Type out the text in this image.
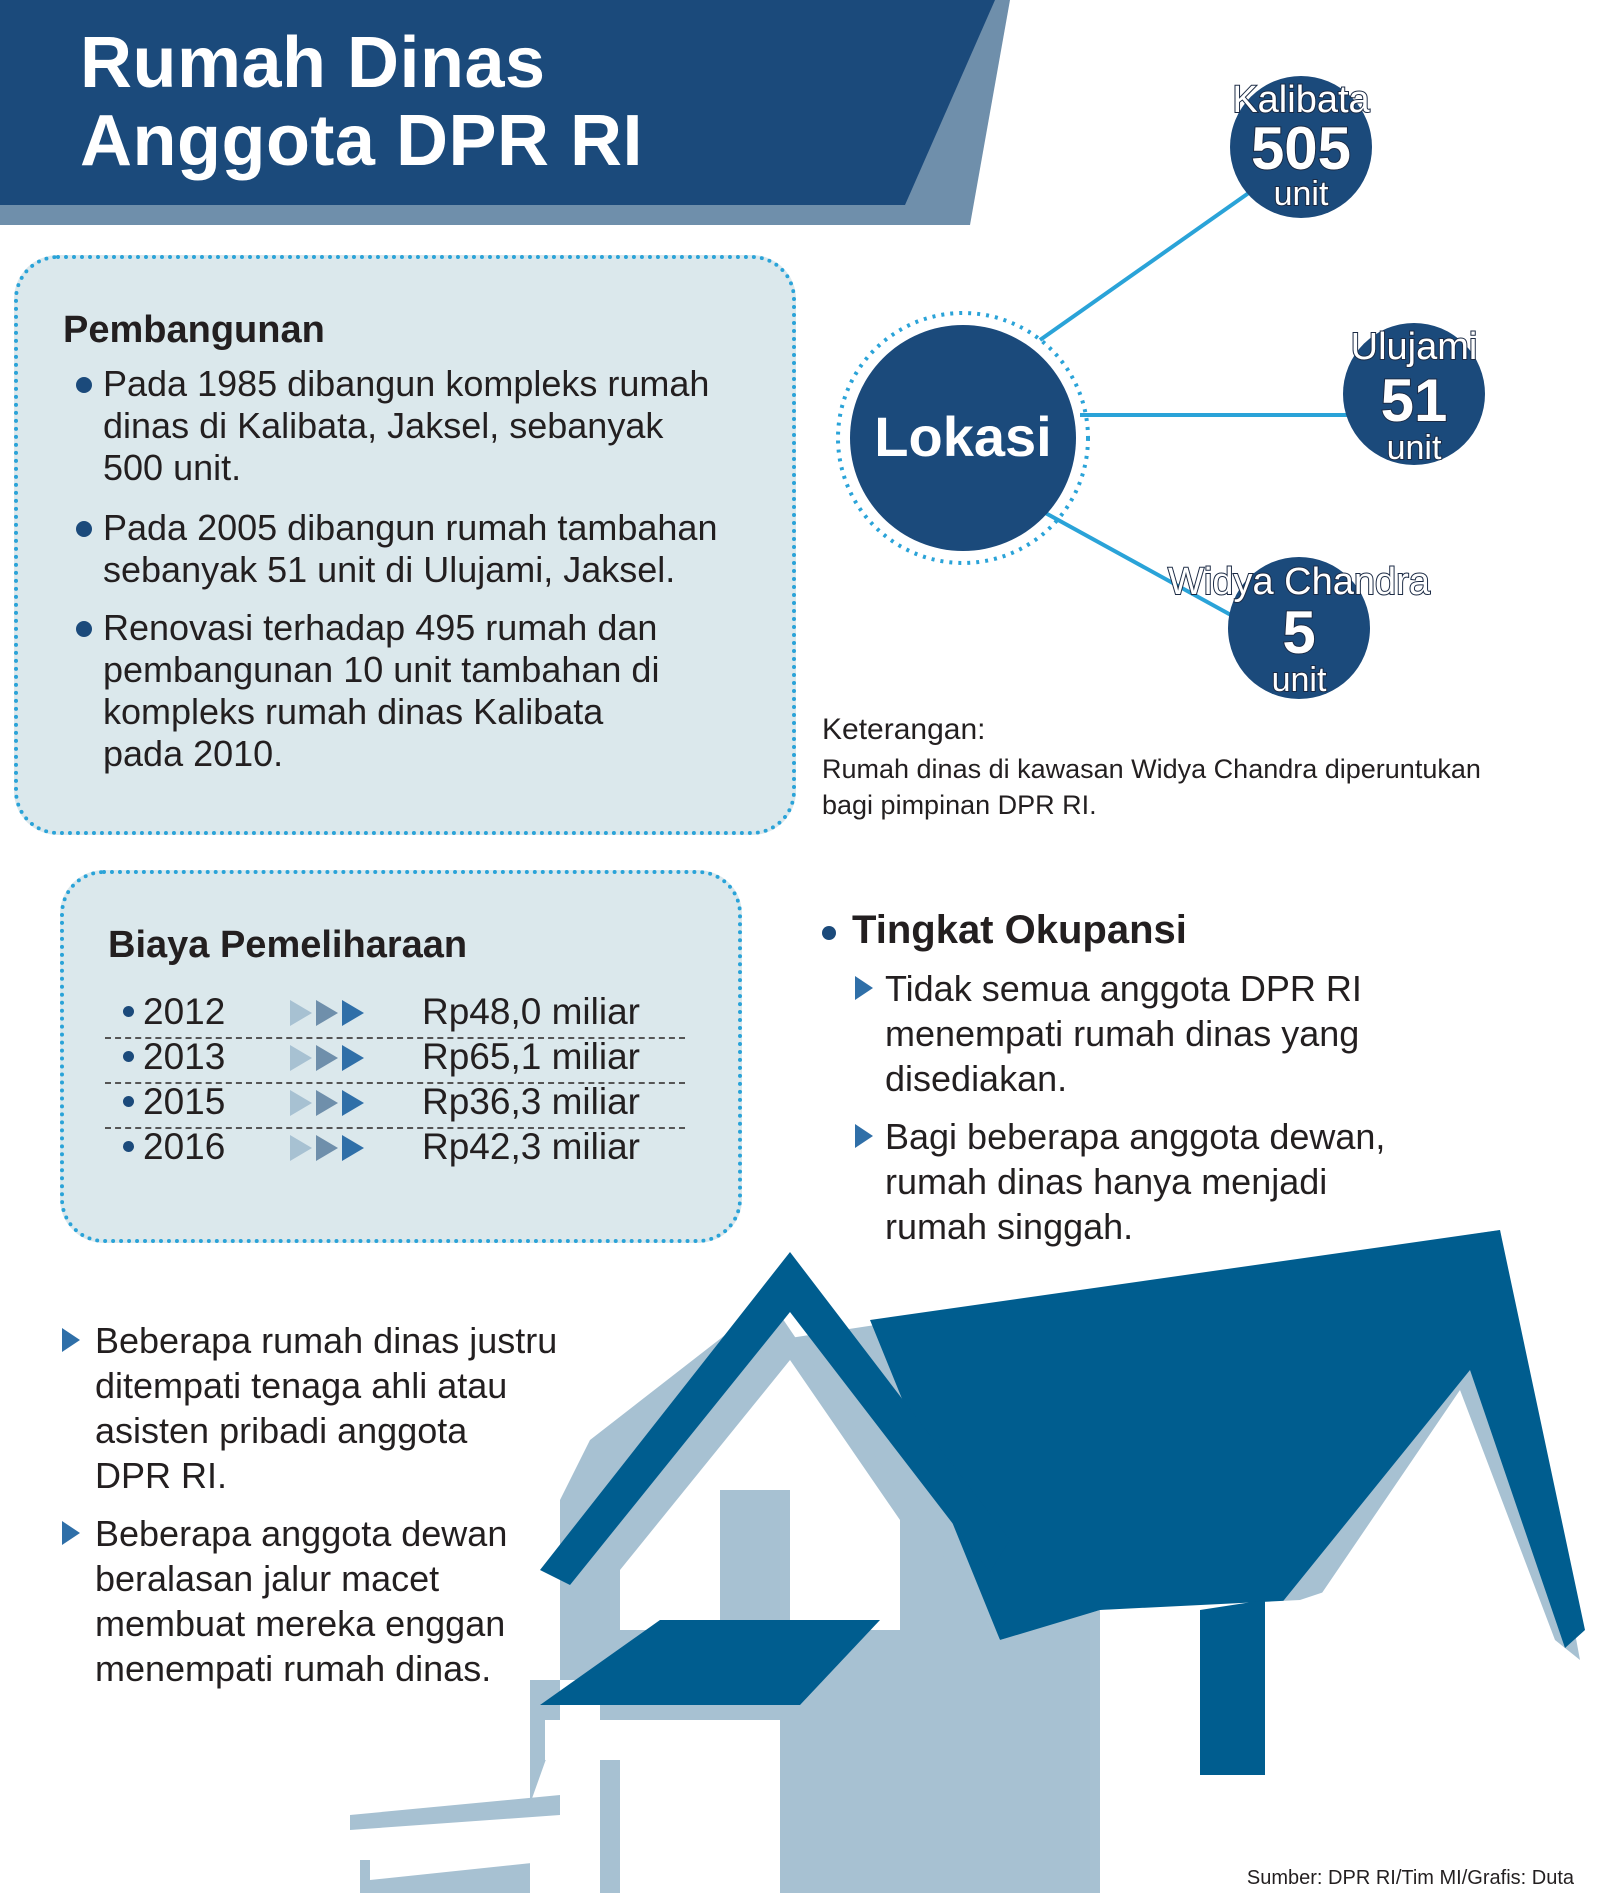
Rumah Dinas
Anggota DPR RI
Pembangunan
Pada 1985 dibangun kompleks rumah
dinas di Kalibata, Jaksel, sebanyak
500 unit.
Pada 2005 dibangun rumah tambahan
sebanyak 51 unit di Ulujami, Jaksel.
Renovasi terhadap 495 rumah dan
pembangunan 10 unit tambahan di
kompleks rumah dinas Kalibata
pada 2010.
Lokasi
Kalibata
505
unit
Ulujami
51
unit
Widya Chandra
5
unit
Keterangan:
Rumah dinas di kawasan Widya Chandra diperuntukan
bagi pimpinan DPR RI.
Biaya Pemeliharaan
2012	Rp48,0 miliar
2013	Rp65,1 miliar
2015	Rp36,3 miliar
2016	Rp42,3 miliar
Tingkat Okupansi
Tidak semua anggota DPR RI
menempati rumah dinas yang
disediakan.
Bagi beberapa anggota dewan,
rumah dinas hanya menjadi
rumah singgah.
Beberapa rumah dinas justru
ditempati tenaga ahli atau
asisten pribadi anggota
DPR RI.
Beberapa anggota dewan
beralasan jalur macet
membuat mereka enggan
menempati rumah dinas.
Sumber: DPR RI/Tim MI/Grafis: Duta
